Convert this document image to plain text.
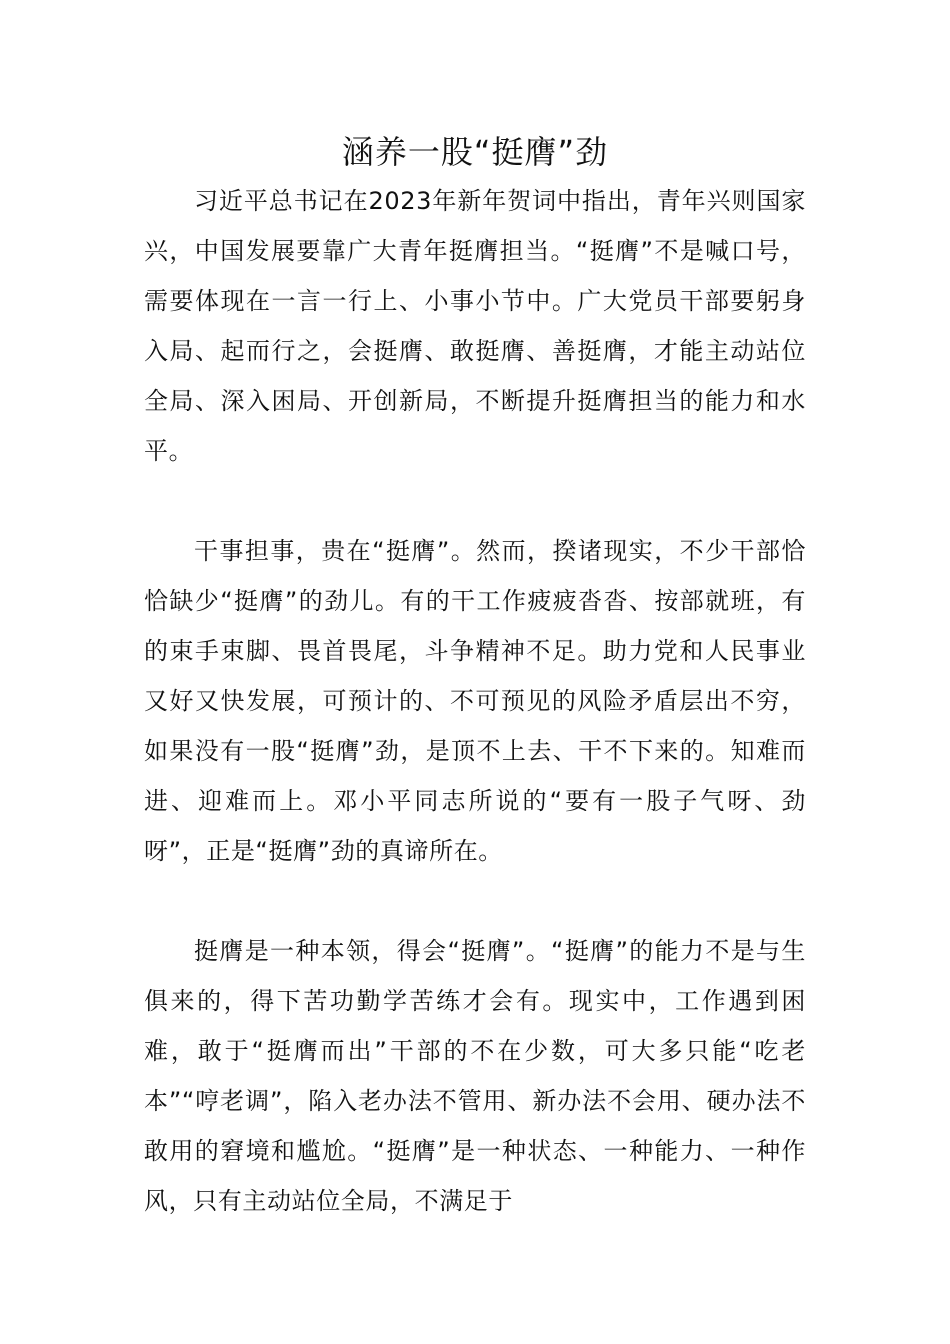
涵养一股“挺膺”劲

习近平总书记在2023年新年贺词中指出，青年兴则国家兴，中国发展要靠广大青年挺膺担当。“挺膺”不是喊口号，需要体现在一言一行上、小事小节中。广大党员干部要躬身入局、起而行之，会挺膺、敢挺膺、善挺膺，才能主动站位全局、深入困局、开创新局，不断提升挺膺担当的能力和水平。

干事担事，贵在“挺膺”。然而，揆诸现实，不少干部恰恰缺少“挺膺”的劲儿。有的干工作疲疲沓沓、按部就班，有的束手束脚、畏首畏尾，斗争精神不足。助力党和人民事业又好又快发展，可预计的、不可预见的风险矛盾层出不穷，如果没有一股“挺膺”劲，是顶不上去、干不下来的。知难而进、迎难而上。邓小平同志所说的“要有一股子气呀、劲呀”，正是“挺膺”劲的真谛所在。

挺膺是一种本领，得会“挺膺”。“挺膺”的能力不是与生俱来的，得下苦功勤学苦练才会有。现实中，工作遇到困难，敢于“挺膺而出”干部的不在少数，可大多只能“吃老本”“哼老调”，陷入老办法不管用、新办法不会用、硬办法不敢用的窘境和尴尬。“挺膺”是一种状态、一种能力、一种作风，只有主动站位全局，不满足于
